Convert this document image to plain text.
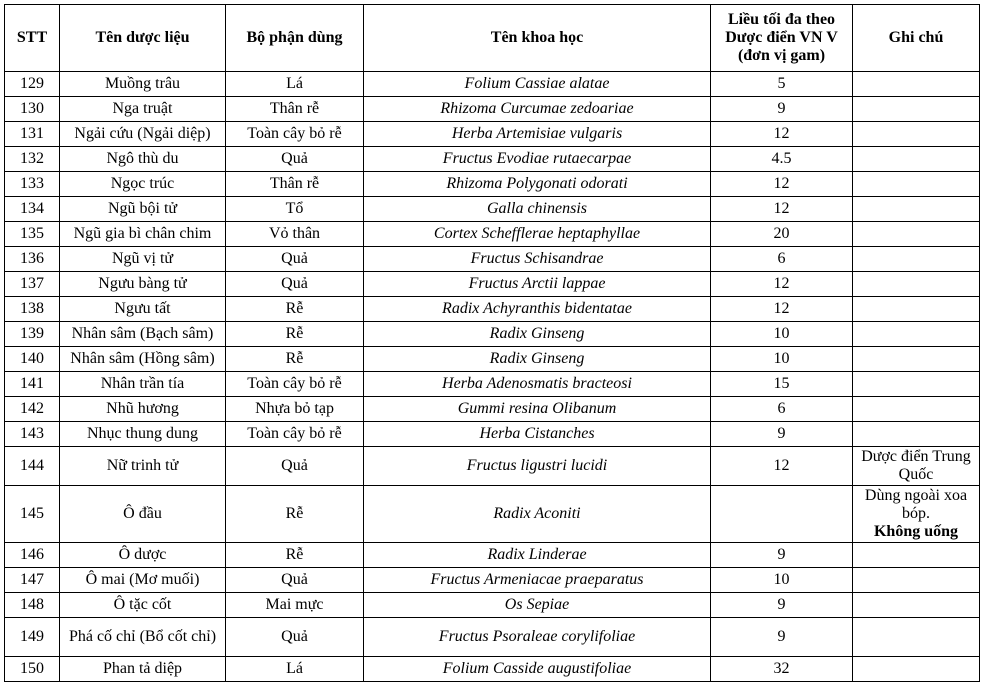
STT	Tên dược liệu	Bộ phận dùng	Tên khoa học	Liều tối đa theo Dược điển VN V (đơn vị gam)	Ghi chú
129	Muồng trâu	Lá	Folium Cassiae alatae	5	
130	Nga truật	Thân rễ	Rhizoma Curcumae zedoariae	9	
131	Ngải cứu (Ngải diệp)	Toàn cây bỏ rễ	Herba Artemisiae vulgaris	12	
132	Ngô thù du	Quả	Fructus Evodiae rutaecarpae	4.5	
133	Ngọc trúc	Thân rễ	Rhizoma Polygonati odorati	12	
134	Ngũ bội tử	Tổ	Galla chinensis	12	
135	Ngũ gia bì chân chim	Vỏ thân	Cortex Schefflerae heptaphyllae	20	
136	Ngũ vị tử	Quả	Fructus Schisandrae	6	
137	Ngưu bàng tử	Quả	Fructus Arctii lappae	12	
138	Ngưu tất	Rễ	Radix Achyranthis bidentatae	12	
139	Nhân sâm (Bạch sâm)	Rễ	Radix Ginseng	10	
140	Nhân sâm (Hồng sâm)	Rễ	Radix Ginseng	10	
141	Nhân trần tía	Toàn cây bỏ rễ	Herba Adenosmatis bracteosi	15	
142	Nhũ hương	Nhựa bỏ tạp	Gummi resina Olibanum	6	
143	Nhục thung dung	Toàn cây bỏ rễ	Herba Cistanches	9	
144	Nữ trinh tử	Quả	Fructus ligustri lucidi	12	Dược điển Trung Quốc
145	Ô đầu	Rễ	Radix Aconiti		Dùng ngoài xoa bóp.
Không uống

146	Ô dược	Rễ	Radix Linderae	9	
147	Ô mai (Mơ muối)	Quả	Fructus Armeniacae praeparatus	10	
148	Ô tặc cốt	Mai mực	Os Sepiae	9	
149	Phá cố chỉ (Bổ cốt chỉ)	Quả	Fructus Psoraleae corylifoliae	9	
150	Phan tả diệp	Lá	Folium Casside augustifoliae	32	
